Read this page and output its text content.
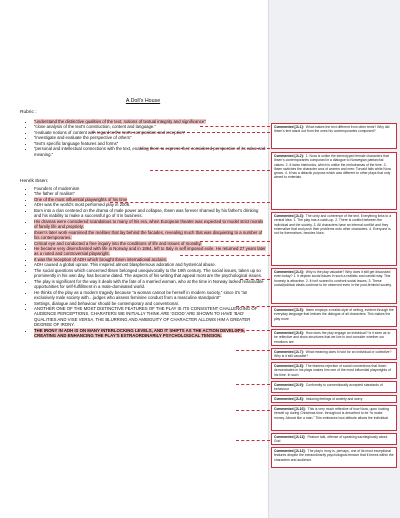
A Doll's House
Rubric :
• “understand the distinctive qualities of the text, notions of textual integrity and significance”
• “close analysis of the text's construction, content and language.”
• “evaluate notions of content with regard to the text's composition and reception”
• “investigate and evaluate the perspective of others”
• “text's specific language features and forms”
• “personal and intellectual connections with the text, enabling them to express their considered perspective of its value and meaning.”
Henrik Ibsen:
• Founders of modernism
• “the father of realism”
• One of the most influential playwrights of his time
• ADH was the world's most performed play in 2006.
• Born into a clan centered on the drama of male power and collapse, Ibsen was forever shamed by his father's drinking and his inability to make a successful go of it in business.
• His dramas were considered scandalous to many of his era, when European theatre was expected to model strict morals of family life and propriety.
• Ibsen's later work examined the realities that lay behind the facades, revealing much that was disquieting to a number of his contemporaries.
• Critical eye and conducted a free inquiry into the conditions of life and issues of morality.
• He became very disenchanted with life in Norway and in 1864, left to Italy in self imposed exile. He returned 27 years later as a noted and controversial playwright.
• It was the reception of ADH which brought Ibsen international acclaim.
• ADH caused a global uproar. This inspired almost blasphemous adoration and hysterical abuse.
• The social questions which concerned Ibsen belonged unequivocally to the 19th century. The social issues, taken up so prominently in his own day, has become dated. The aspects of his writing that appeal most are the psychological issues.
• The play is significant for the way it deals with the fate of a married woman, who at the time in Norway lacked reasonable opportunities for self-fulfillment in a male-dominated world.
• He thinks of the play as a modern tragedy because “a woman cannot be herself in modern society,” since it's “an exclusively male society with…judges who assess feminine conduct from a masculine standpoint!”
• Settings, dialogue and behaviour should be contemporary and conventional.
• ANOTHER ONE OF THE MOST DISTINCTIVE FEATURES OF THE PLAY IS ITS CONSISTENT CHALLENGING OF AUDIENCE PERCEPTIONS. CHARATERS WE INITIALLY THINK ARE ‘GOOD’ ARE SHOWN TO HAVE ‘BAD’ QUALITIES AND VISE VERSA. THE BLURRING AND AMBIGUITY OF CHARACTER ALLOWS HIM A GREATER DEGREE OF IRONY.
• THE IRONY IN ADH IS ON MANY INTERLOCKING LEVELS, AND IT SHIFTS AS THE ACTION DEVELOPS, CREATING AND ENHANCING THE PLAY'S EXTRAORDINARILY PSYCHOLOGICAL TENSION.
Commented [JL1]: What makes the text different from other texts? Why did Ibsen's text stand out from the ones his contemporaries composed?
Commented [JL2]: 1. Nora is unlike the stereotyped female characters that Ibsen's contemporaries composed in a dialogue to Norwegian patriarchal values. 2. It lacks histrionics, which is unlike the melodramas of the time. 3. Ibsen switches the character arcs of women and men: Torvald falls while Nora grows. 4. It has a didactic purpose which was different to other plays that only aimed to entertain.
Commented [JL3]: The unity and coherence of the text. Everything links to a central idea. 1. The play has a catch-up. 2. There is conflict between the individual and the society. 3. All characters have an internal conflict and they externalize that and push their problems onto other characters. 4. Everyone is not for themselves, besides Nora.
Commented [JL4]: Why is the play valuable? Why does it still get discussed even today? 1. It depicts social issues in such a realistic and candid way. This honesty is attractive. 2. It isn't scared to confront social issues. 3. These social/political ideals continue to be observed even in the post-feminist society.
Commented [JL5]: Ibsen employs a realist style of writing, evident through the everyday language that imbues the dialogue of all characters. This makes the play more
Commented [JL6]: How does the play engage an individual? Is it seen as to be reflective and show structures that we live in and consider whether our emotions are
Commented [JL7]: What meaning does it hold for an individual or collective? Why is it still valuable?
Commented [JL8]: The fearless rejection of social conventions that Ibsen demonstrates in his plays makes him one of the most influential playwrights of his time. In such
Commented [JL9]: Conformity to conventionally accepted standards of behaviour
Commented [JL8]: Inducing feelings of anxiety and worry
Commented [JL10]: This is very much reflective of how Nora, upon looking herself up during Christmas time, throughout is described to be “to make money. Almost like a man.” This embraces how attitude allows the individual
Commented [JL11]: Feature talk, offense of speaking sacrilegiously about God
Commented [JL12]: The play's irony is, perhaps, one of its most exceptional features despite the extraordinarily psychological tension that it brews within the characters and audience.
